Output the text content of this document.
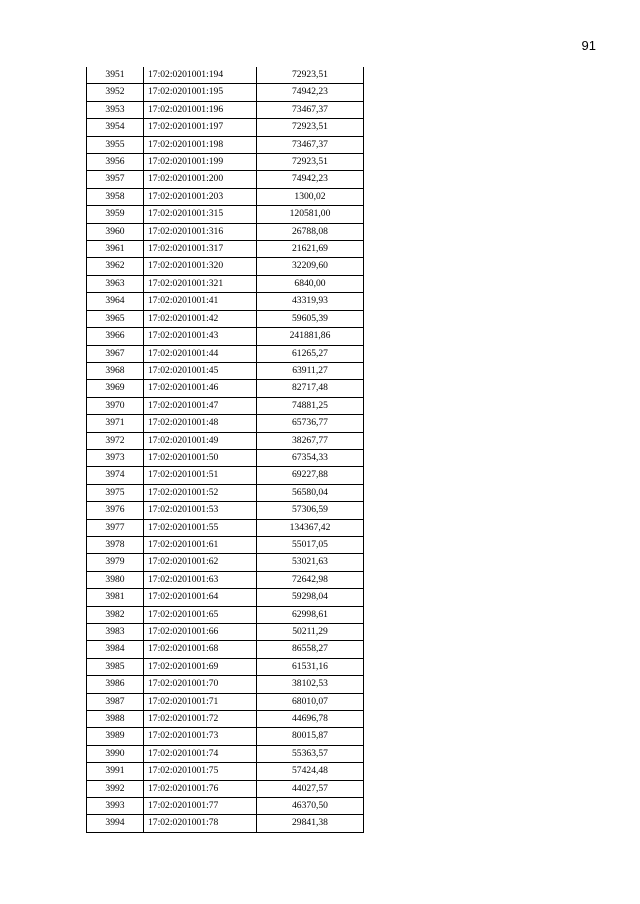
91
3951	17:02:0201001:194	72923,51
3952	17:02:0201001:195	74942,23
3953	17:02:0201001:196	73467,37
3954	17:02:0201001:197	72923,51
3955	17:02:0201001:198	73467,37
3956	17:02:0201001:199	72923,51
3957	17:02:0201001:200	74942,23
3958	17:02:0201001:203	1300,02
3959	17:02:0201001:315	120581,00
3960	17:02:0201001:316	26788,08
3961	17:02:0201001:317	21621,69
3962	17:02:0201001:320	32209,60
3963	17:02:0201001:321	6840,00
3964	17:02:0201001:41	43319,93
3965	17:02:0201001:42	59605,39
3966	17:02:0201001:43	241881,86
3967	17:02:0201001:44	61265,27
3968	17:02:0201001:45	63911,27
3969	17:02:0201001:46	82717,48
3970	17:02:0201001:47	74881,25
3971	17:02:0201001:48	65736,77
3972	17:02:0201001:49	38267,77
3973	17:02:0201001:50	67354,33
3974	17:02:0201001:51	69227,88
3975	17:02:0201001:52	56580,04
3976	17:02:0201001:53	57306,59
3977	17:02:0201001:55	134367,42
3978	17:02:0201001:61	55017,05
3979	17:02:0201001:62	53021,63
3980	17:02:0201001:63	72642,98
3981	17:02:0201001:64	59298,04
3982	17:02:0201001:65	62998,61
3983	17:02:0201001:66	50211,29
3984	17:02:0201001:68	86558,27
3985	17:02:0201001:69	61531,16
3986	17:02:0201001:70	38102,53
3987	17:02:0201001:71	68010,07
3988	17:02:0201001:72	44696,78
3989	17:02:0201001:73	80015,87
3990	17:02:0201001:74	55363,57
3991	17:02:0201001:75	57424,48
3992	17:02:0201001:76	44027,57
3993	17:02:0201001:77	46370,50
3994	17:02:0201001:78	29841,38
